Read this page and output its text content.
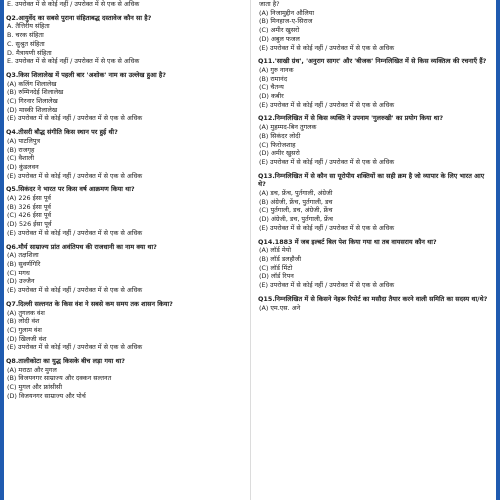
E. उपरोक्त में से कोई नहीं / उपरोक्त में से एक से अधिक
Q2.आयुर्वेद का सबसे पुराना संहिताबद्ध दस्तावेज कौन सा है?
A. तैत्तिरीय संहिता
B. चरक संहिता
C. सुश्रुत संहिता
D. मैत्रायणी संहिता
E. उपरोक्त में से कोई नहीं / उपरोक्त में से एक से अधिक
Q3.किस शिलालेख में पहली बार 'अशोक' नाम का उल्लेख हुआ है?
(A) कलिंग शिलालेख
(B) रुम्मिनदेई शिलालेख
(C) गिरनार शिलालेख
(D) मास्की शिलालेख
(E) उपरोक्त में से कोई नहीं / उपरोक्त में से एक से अधिक
Q4.तीसरी बौद्ध संगीति किस स्थान पर हुई थी?
(A) पाटलिपुत्र
(B) राजगृह
(C) वैशाली
(D) कुंडलवन
(E) उपरोक्त में से कोई नहीं / उपरोक्त में से एक से अधिक
Q5.सिकंदर ने भारत पर किस वर्ष आक्रमण किया था?
(A) 226 ईसा पूर्व
(B) 326 ईसा पूर्व
(C) 426 ईसा पूर्व
(D) 526 ईसा पूर्व
(E) उपरोक्त में से कोई नहीं / उपरोक्त में से एक से अधिक
Q6.मौर्य साम्राज्य प्रांत अवंतिपथ की राजधानी का नाम क्या था?
(A) तक्षशिला
(B) सुवर्णगिरि
(C) मगध
(D) उज्जैन
(E) उपरोक्त में से कोई नहीं / उपरोक्त में से एक से अधिक
Q7.दिल्ली सल्तनत के किस वंश ने सबसे कम समय तक शासन किया?
(A) तुगलक वंश
(B) लोदी वंश
(C) गुलाम वंश
(D) खिलजी वंश
(E) उपरोक्त में से कोई नहीं / उपरोक्त में से एक से अधिक
Q8.तालीकोटा का युद्ध किसके बीच लड़ा गया था?
(A) मराठा और मुगल
(B) विजयनगर साम्राज्य और दक्कन सल्तनत
(C) मुगल और फ्रांसीसी
(D) विजयनगर साम्राज्य और पोर्च
जाता है?
(A) निजामुद्दीन औलिया
(B) मिनहाज-ए-सिराज
(C) अमीर खुसरो
(D) अबुल फजल
(E) उपरोक्त में से कोई नहीं / उपरोक्त में से एक से अधिक
Q11.'साखी ग्रंथ', 'अनुराग सागर' और 'बीजक' निम्नलिखित में से किस व्यक्तित्व की रचनाएँ हैं?
(A) गुरु नानक
(B) रामानंद
(C) चैतन्य
(D) कबीर
(E) उपरोक्त में से कोई नहीं / उपरोक्त में से एक से अधिक
Q12.निम्नलिखित में से किस व्यक्ति ने उपनाम 'गुलरुखी' का प्रयोग किया था?
(A) मुहम्मद-बिन तुगलक
(B) सिकंदर लोदी
(C) फिरोजशाह
(D) अमीर खुसरो
(E) उपरोक्त में से कोई नहीं / उपरोक्त में से एक से अधिक
Q13.निम्नलिखित में से कौन सा यूरोपीय शक्तियों का सही क्रम है जो व्यापार के लिए भारत आए थे?
(A) डच, फ्रेंच, पुर्तगाली, अंग्रेजी
(B) अंग्रेजी, फ्रेंच, पुर्तगाली, डच
(C) पुर्तगाली, डच, अंग्रेजी, फ्रेंच
(D) अंग्रेजी, डच, पुर्तगाली, फ्रेंच
(E) उपरोक्त में से कोई नहीं / उपरोक्त में से एक से अधिक
Q14.1883 में जब इल्बर्ट बिल पेश किया गया था तब वायसराय कौन था?
(A) लॉर्ड मेयो
(B) लॉर्ड डलहौजी
(C) लॉर्ड मिंटो
(D) लॉर्ड रिपन
(E) उपरोक्त में से कोई नहीं / उपरोक्त में से एक से अधिक
Q15.निम्नलिखित में से किसने नेहरू रिपोर्ट का मसौदा तैयार करने वाली समिति का सदस्य था/थे?
(A) एम.एस. अने
